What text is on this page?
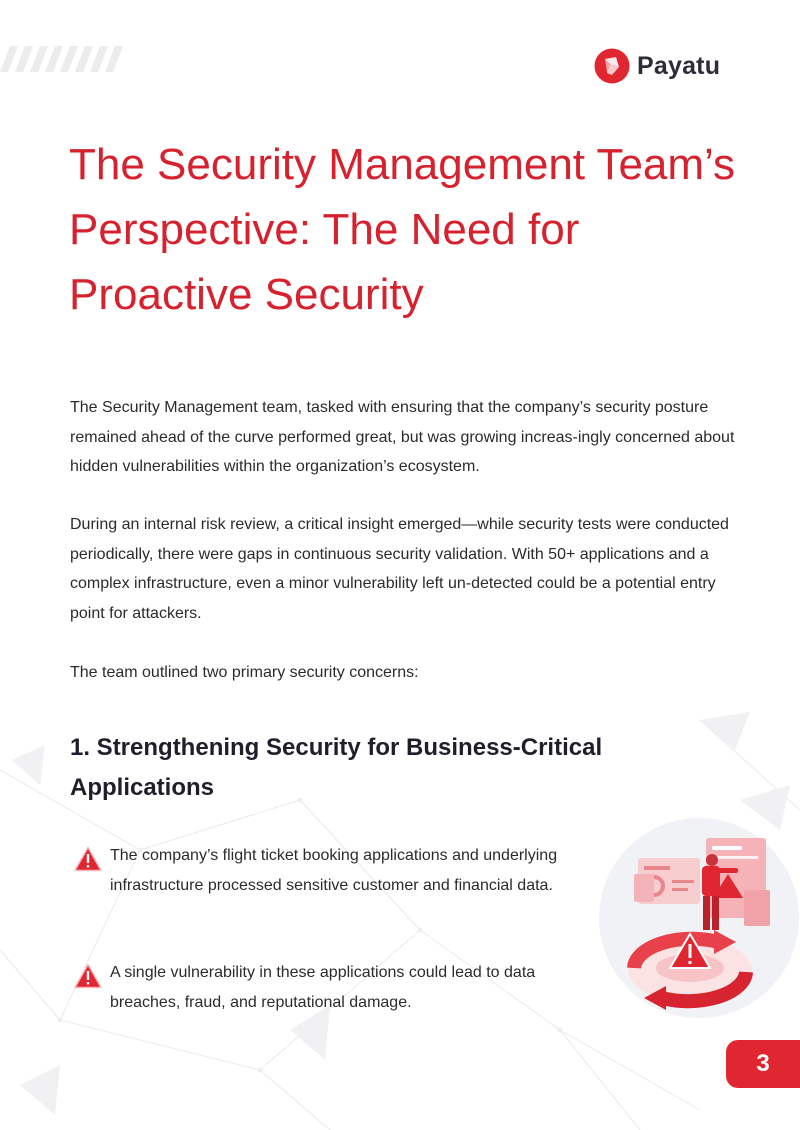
Payatu
The Security Management Team’s Perspective: The Need for Proactive Security

The Security Management team, tasked with ensuring that the company’s security posture remained ahead of the curve performed great, but was growing increas-ingly concerned about hidden vulnerabilities within the organization’s ecosystem.

During an internal risk review, a critical insight emerged—while security tests were conducted periodically, there were gaps in continuous security validation. With 50+ applications and a complex infrastructure, even a minor vulnerability left un-detected could be a potential entry point for attackers.

The team outlined two primary security concerns:

1. Strengthening Security for Business-Critical Applications

The company’s flight ticket booking applications and underlying infrastructure processed sensitive customer and financial data.

A single vulnerability in these applications could lead to data breaches, fraud, and reputational damage.

3
